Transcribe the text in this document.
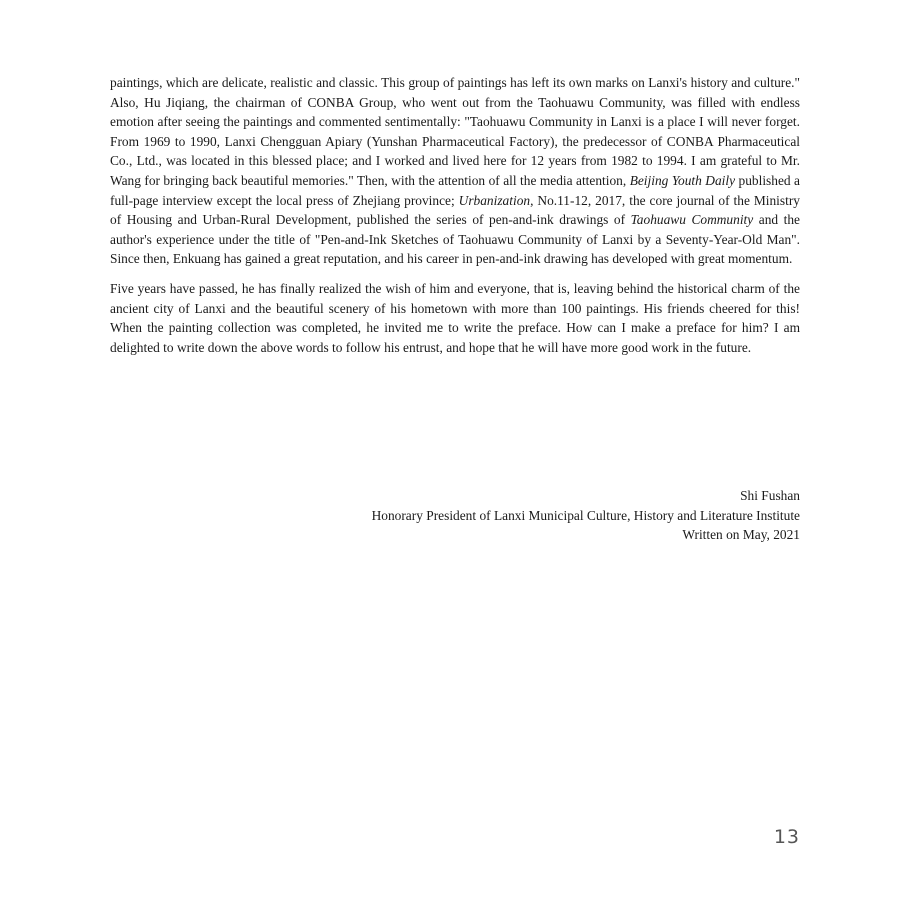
paintings, which are delicate, realistic and classic. This group of paintings has left its own marks on Lanxi's history and culture." Also, Hu Jiqiang, the chairman of CONBA Group, who went out from the Taohuawu Community, was filled with endless emotion after seeing the paintings and commented sentimentally: "Taohuawu Community in Lanxi is a place I will never forget. From 1969 to 1990, Lanxi Chengguan Apiary (Yunshan Pharmaceutical Factory), the predecessor of CONBA Pharmaceutical Co., Ltd., was located in this blessed place; and I worked and lived here for 12 years from 1982 to 1994. I am grateful to Mr. Wang for bringing back beautiful memories." Then, with the attention of all the media attention, Beijing Youth Daily published a full-page interview except the local press of Zhejiang province; Urbanization, No.11-12, 2017, the core journal of the Ministry of Housing and Urban-Rural Development, published the series of pen-and-ink drawings of Taohuawu Community and the author's experience under the title of "Pen-and-Ink Sketches of Taohuawu Community of Lanxi by a Seventy-Year-Old Man". Since then, Enkuang has gained a great reputation, and his career in pen-and-ink drawing has developed with great momentum.

Five years have passed, he has finally realized the wish of him and everyone, that is, leaving behind the historical charm of the ancient city of Lanxi and the beautiful scenery of his hometown with more than 100 paintings. His friends cheered for this! When the painting collection was completed, he invited me to write the preface. How can I make a preface for him? I am delighted to write down the above words to follow his entrust, and hope that he will have more good work in the future.

Shi Fushan
Honorary President of Lanxi Municipal Culture, History and Literature Institute
Written on May, 2021
13
